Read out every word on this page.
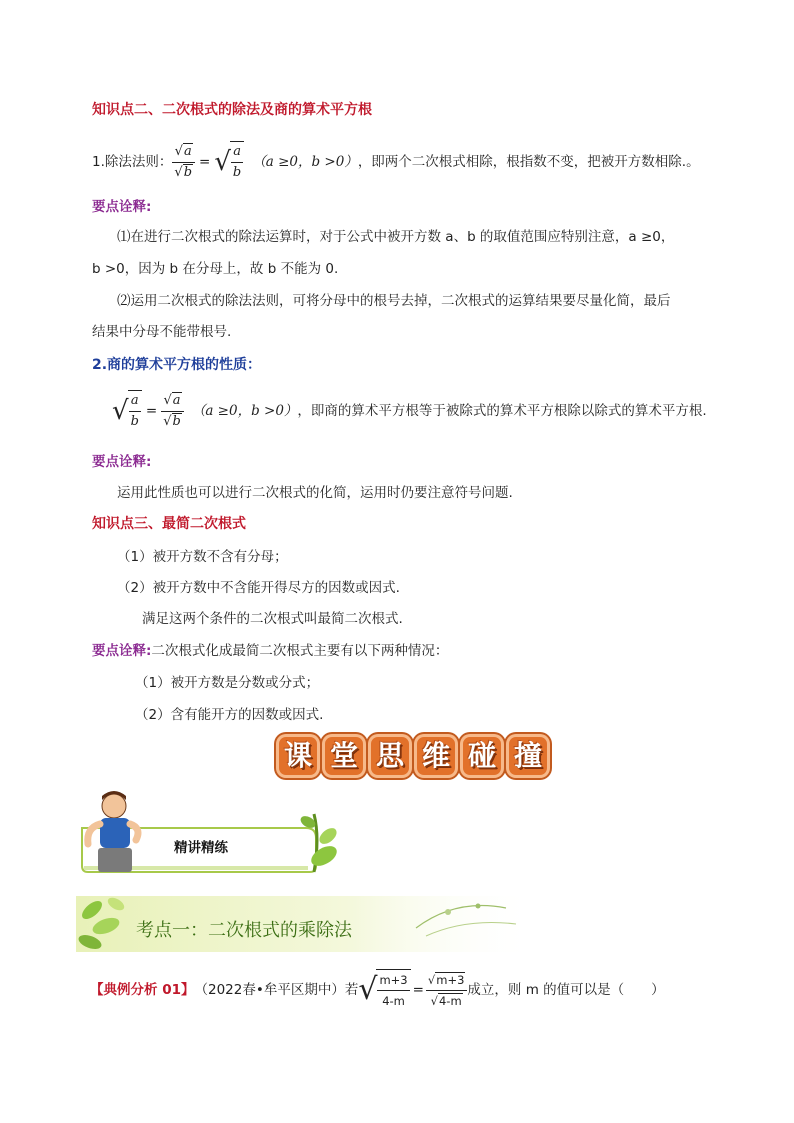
知识点二、二次根式的除法及商的算术平方根
1.除法法则： $\frac{√a}{√b}$ = √ $\frac{a}{b} (a \ge 0$，b >0） ，即两个二次根式相除，根指数不变，把被开方数相除.。
要点诠释:
⑴在进行二次根式的除法运算时，对于公式中被开方数 a、b 的取值范围应特别注意，a ≥0，
b >0，因为 b 在分母上，故 b 不能为 0.
⑵运用二次根式的除法法则，可将分母中的根号去掉，二次根式的运算结果要尽量化简，最后
结果中分母不能带根号.
2.商的算术平方根的性质：
√ $\frac{a}{b} = \frac{√a}{√b} (a \ge 0$，b >0） ，即商的算术平方根等于被除式的算术平方根除以除式的算术平方根.
要点诠释:
运用此性质也可以进行二次根式的化简，运用时仍要注意符号问题.
知识点三、最简二次根式
（1）被开方数不含有分母；
（2）被开方数中不含能开得尽方的因数或因式.
满足这两个条件的二次根式叫最简二次根式.
要点诠释:二次根式化成最简二次根式主要有以下两种情况：
（1）被开方数是分数或分式；
（2）含有能开方的因数或因式.
课 堂 思 维 碰 撞
精讲精练
考点一：二次根式的乘除法
【典例分析 01】 （2022春•牟平区期中）若 √ $\frac{m+3}{4-m} = \frac{√m+3}{√4-m}$ 成立，则 m 的值可以是（　　）
